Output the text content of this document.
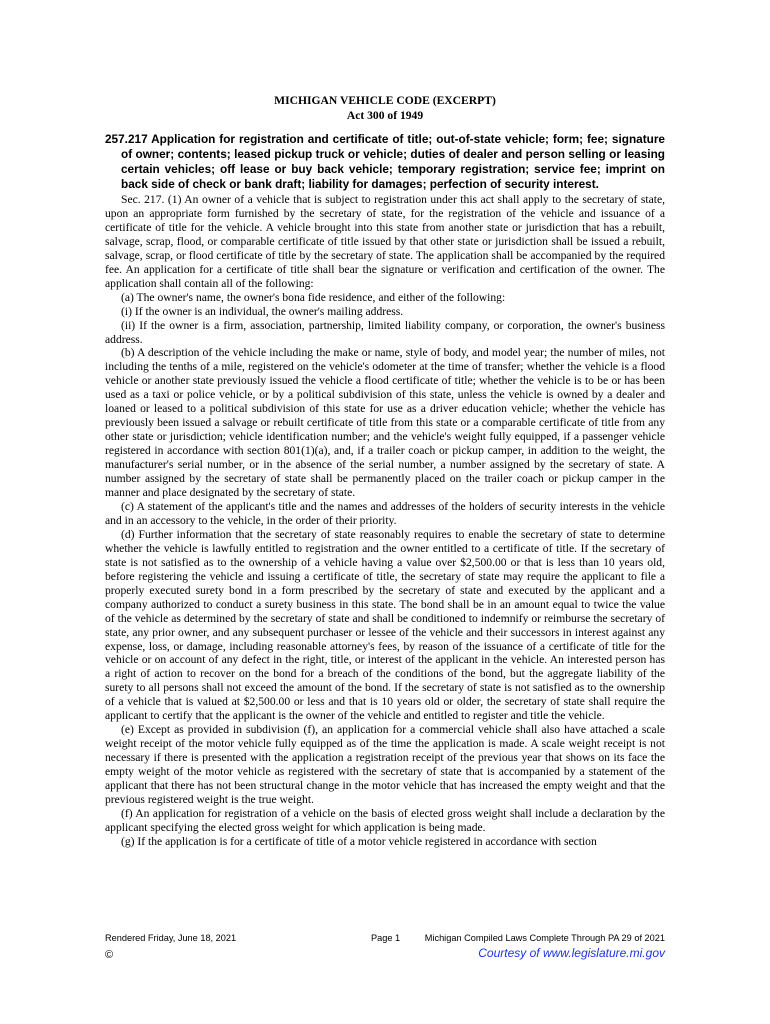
MICHIGAN VEHICLE CODE (EXCERPT)
Act 300 of 1949
257.217 Application for registration and certificate of title; out-of-state vehicle; form; fee; signature of owner; contents; leased pickup truck or vehicle; duties of dealer and person selling or leasing certain vehicles; off lease or buy back vehicle; temporary registration; service fee; imprint on back side of check or bank draft; liability for damages; perfection of security interest.

Sec. 217. (1) An owner of a vehicle that is subject to registration under this act shall apply to the secretary of state, upon an appropriate form furnished by the secretary of state, for the registration of the vehicle and issuance of a certificate of title for the vehicle. A vehicle brought into this state from another state or jurisdiction that has a rebuilt, salvage, scrap, flood, or comparable certificate of title issued by that other state or jurisdiction shall be issued a rebuilt, salvage, scrap, or flood certificate of title by the secretary of state. The application shall be accompanied by the required fee. An application for a certificate of title shall bear the signature or verification and certification of the owner. The application shall contain all of the following:

(a) The owner's name, the owner's bona fide residence, and either of the following:

(i) If the owner is an individual, the owner's mailing address.

(ii) If the owner is a firm, association, partnership, limited liability company, or corporation, the owner's business address.

(b) A description of the vehicle including the make or name, style of body, and model year; the number of miles, not including the tenths of a mile, registered on the vehicle's odometer at the time of transfer; whether the vehicle is a flood vehicle or another state previously issued the vehicle a flood certificate of title; whether the vehicle is to be or has been used as a taxi or police vehicle, or by a political subdivision of this state, unless the vehicle is owned by a dealer and loaned or leased to a political subdivision of this state for use as a driver education vehicle; whether the vehicle has previously been issued a salvage or rebuilt certificate of title from this state or a comparable certificate of title from any other state or jurisdiction; vehicle identification number; and the vehicle's weight fully equipped, if a passenger vehicle registered in accordance with section 801(1)(a), and, if a trailer coach or pickup camper, in addition to the weight, the manufacturer's serial number, or in the absence of the serial number, a number assigned by the secretary of state. A number assigned by the secretary of state shall be permanently placed on the trailer coach or pickup camper in the manner and place designated by the secretary of state.

(c) A statement of the applicant's title and the names and addresses of the holders of security interests in the vehicle and in an accessory to the vehicle, in the order of their priority.

(d) Further information that the secretary of state reasonably requires to enable the secretary of state to determine whether the vehicle is lawfully entitled to registration and the owner entitled to a certificate of title. If the secretary of state is not satisfied as to the ownership of a vehicle having a value over $2,500.00 or that is less than 10 years old, before registering the vehicle and issuing a certificate of title, the secretary of state may require the applicant to file a properly executed surety bond in a form prescribed by the secretary of state and executed by the applicant and a company authorized to conduct a surety business in this state. The bond shall be in an amount equal to twice the value of the vehicle as determined by the secretary of state and shall be conditioned to indemnify or reimburse the secretary of state, any prior owner, and any subsequent purchaser or lessee of the vehicle and their successors in interest against any expense, loss, or damage, including reasonable attorney's fees, by reason of the issuance of a certificate of title for the vehicle or on account of any defect in the right, title, or interest of the applicant in the vehicle. An interested person has a right of action to recover on the bond for a breach of the conditions of the bond, but the aggregate liability of the surety to all persons shall not exceed the amount of the bond. If the secretary of state is not satisfied as to the ownership of a vehicle that is valued at $2,500.00 or less and that is 10 years old or older, the secretary of state shall require the applicant to certify that the applicant is the owner of the vehicle and entitled to register and title the vehicle.

(e) Except as provided in subdivision (f), an application for a commercial vehicle shall also have attached a scale weight receipt of the motor vehicle fully equipped as of the time the application is made. A scale weight receipt is not necessary if there is presented with the application a registration receipt of the previous year that shows on its face the empty weight of the motor vehicle as registered with the secretary of state that is accompanied by a statement of the applicant that there has not been structural change in the motor vehicle that has increased the empty weight and that the previous registered weight is the true weight.

(f) An application for registration of a vehicle on the basis of elected gross weight shall include a declaration by the applicant specifying the elected gross weight for which application is being made.

(g) If the application is for a certificate of title of a motor vehicle registered in accordance with section

Rendered Friday, June 18, 2021	Page 1	Michigan Compiled Laws Complete Through PA 29 of 2021
©	Courtesy of www.legislature.mi.gov
